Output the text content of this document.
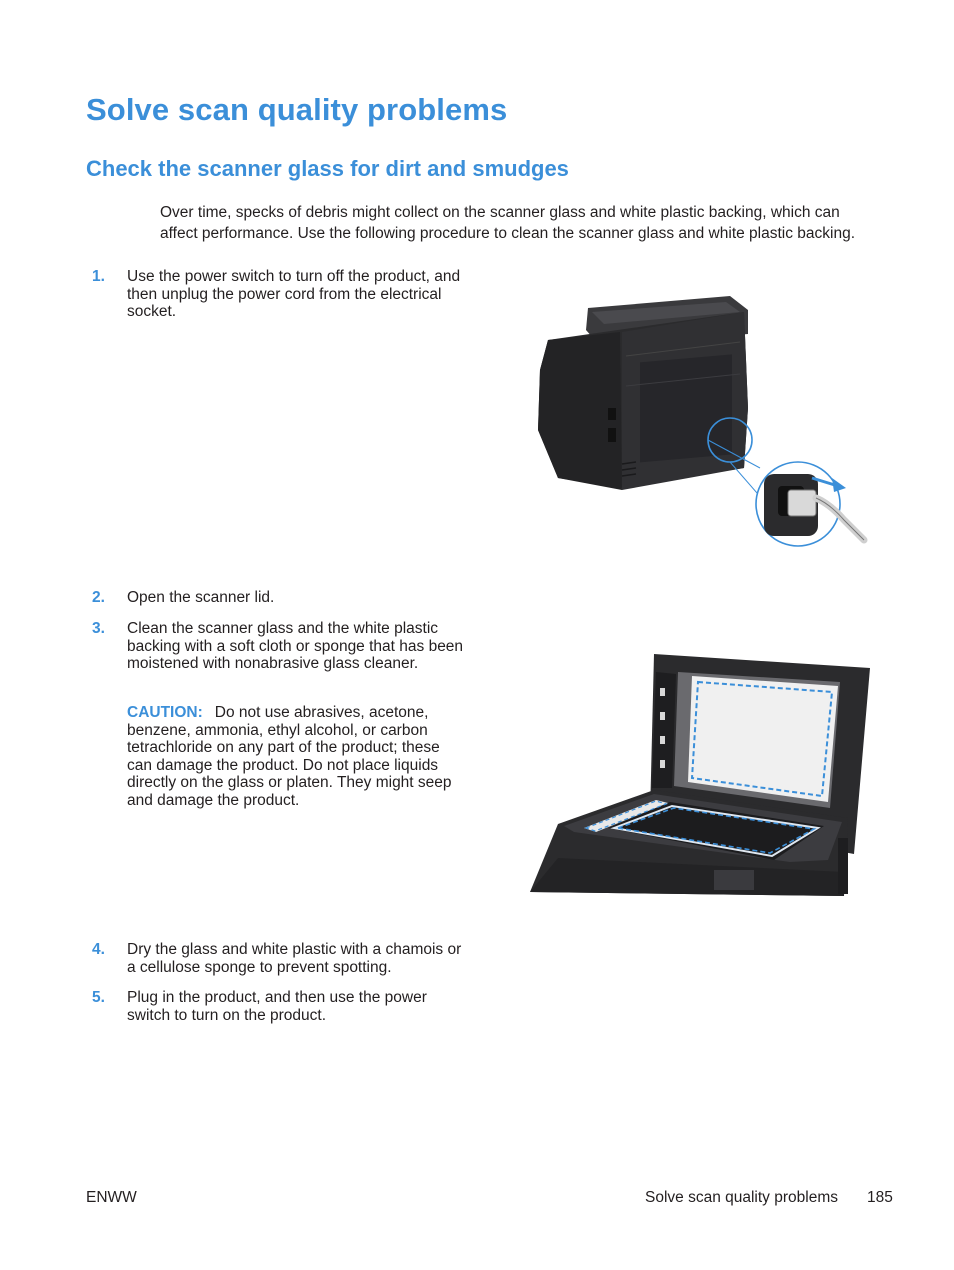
Solve scan quality problems
Check the scanner glass for dirt and smudges

Over time, specks of debris might collect on the scanner glass and white plastic backing, which can affect performance. Use the following procedure to clean the scanner glass and white plastic backing.

1.	Use the power switch to turn off the product, and then unplug the power cord from the electrical socket.
2.	Open the scanner lid.
3.	Clean the scanner glass and the white plastic backing with a soft cloth or sponge that has been moistened with nonabrasive glass cleaner.
CAUTION: Do not use abrasives, acetone, benzene, ammonia, ethyl alcohol, or carbon tetrachloride on any part of the product; these can damage the product. Do not place liquids directly on the glass or platen. They might seep and damage the product.
4.	Dry the glass and white plastic with a chamois or a cellulose sponge to prevent spotting.
5.	Plug in the product, and then use the power switch to turn on the product.
ENWW	Solve scan quality problems 185
